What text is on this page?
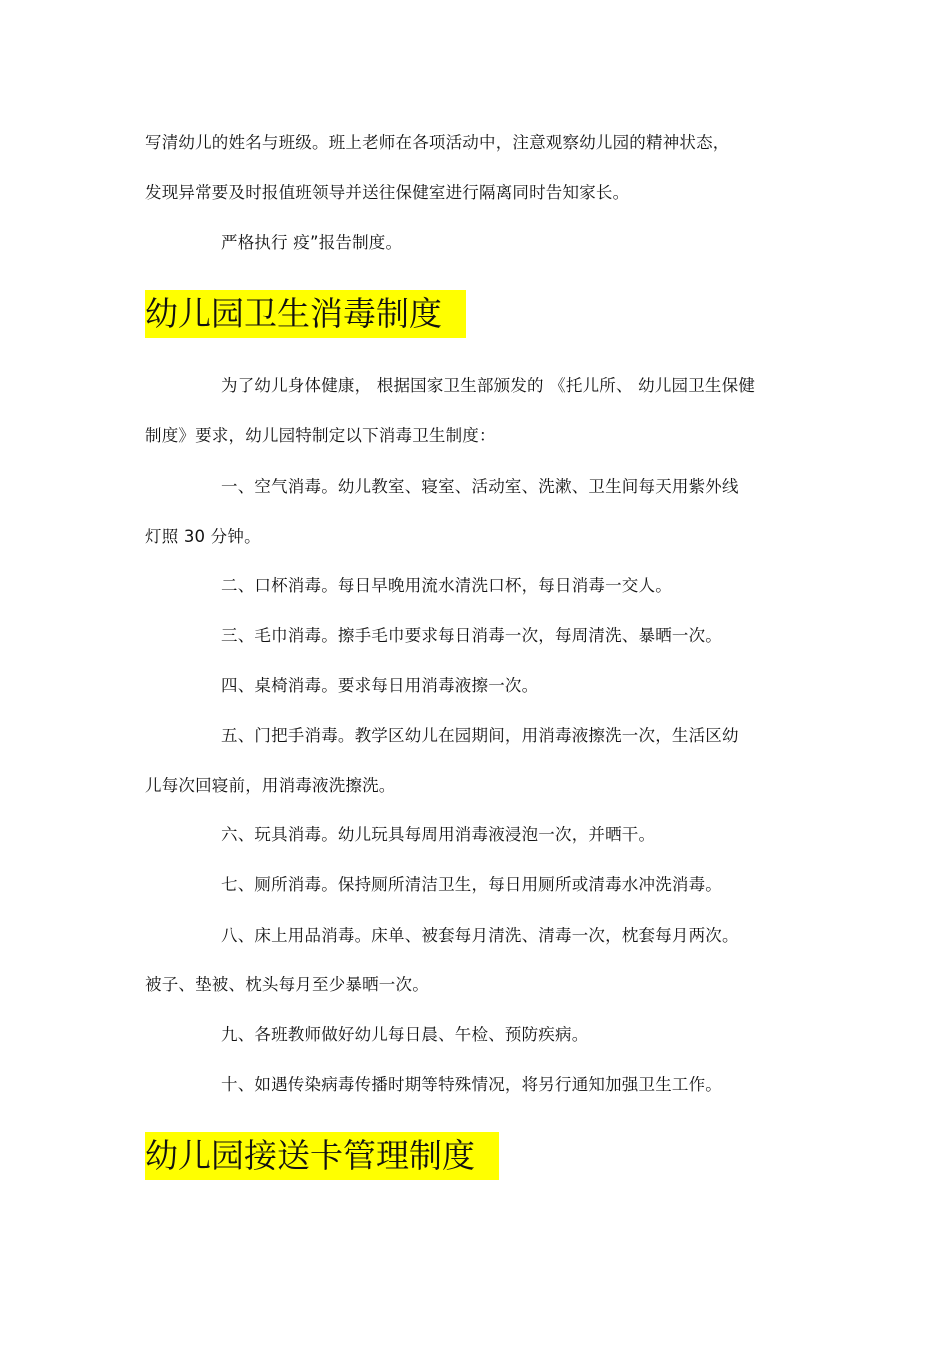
写清幼儿的姓名与班级。班上老师在各项活动中，注意观察幼儿园的精神状态，
发现异常要及时报值班领导并送往保健室进行隔离同时告知家长。
严格执行 疫”报告制度。
幼儿园卫生消毒制度
为了幼儿身体健康， 根据国家卫生部颁发的 《托儿所、 幼儿园卫生保健
制度》要求，幼儿园特制定以下消毒卫生制度：
一、空气消毒。幼儿教室、寝室、活动室、洗漱、卫生间每天用紫外线
灯照 30 分钟。
二、口杯消毒。每日早晚用流水清洗口杯，每日消毒一交人。
三、毛巾消毒。擦手毛巾要求每日消毒一次，每周清洗、暴晒一次。
四、桌椅消毒。要求每日用消毒液擦一次。
五、门把手消毒。教学区幼儿在园期间，用消毒液擦洗一次，生活区幼
儿每次回寝前，用消毒液洗擦洗。
六、玩具消毒。幼儿玩具每周用消毒液浸泡一次，并晒干。
七、厕所消毒。保持厕所清洁卫生，每日用厕所或清毒水冲洗消毒。
八、床上用品消毒。床单、被套每月清洗、清毒一次，枕套每月两次。
被子、垫被、枕头每月至少暴晒一次。
九、各班教师做好幼儿每日晨、午检、预防疾病。
十、如遇传染病毒传播时期等特殊情况，将另行通知加强卫生工作。
幼儿园接送卡管理制度
